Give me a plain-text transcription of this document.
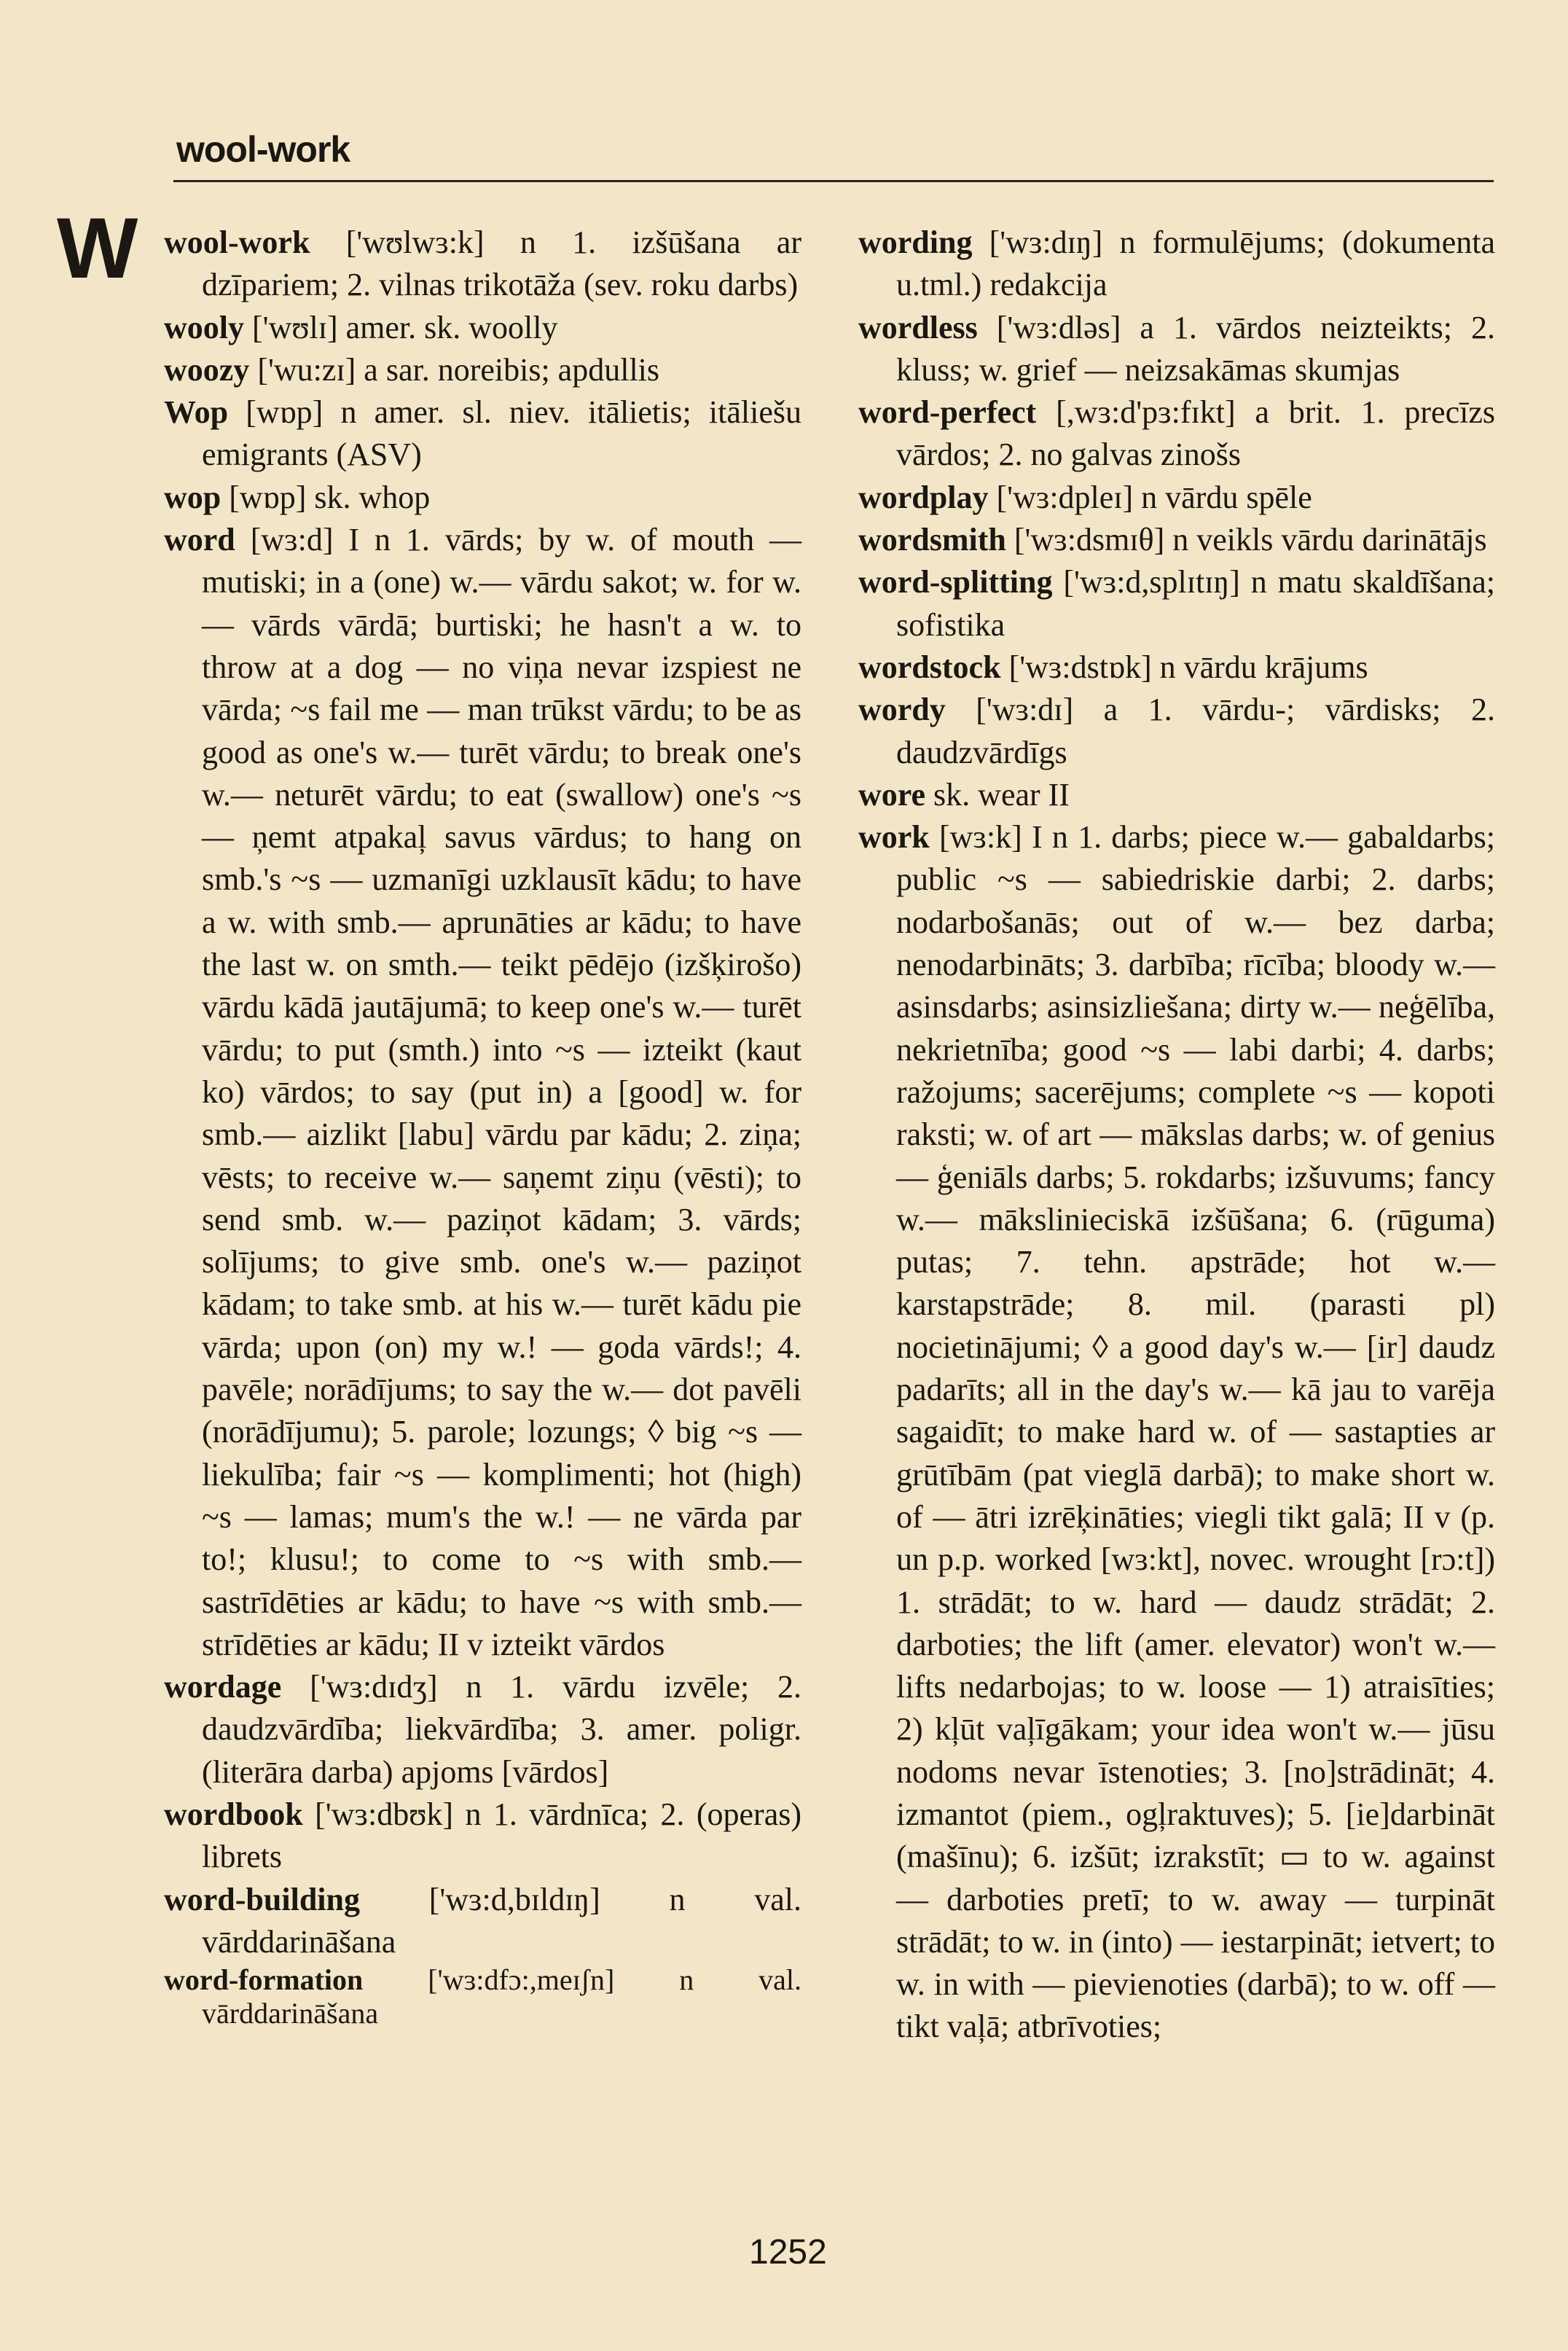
wool-work
W wool-work ['wʊlwɜ:k] n 1. izšūšana ar dzīpariem; 2. vilnas trikotāža (sev. roku darbs)

wooly ['wʊlɪ] amer. sk. woolly

woozy ['wu:zɪ] a sar. noreibis; apdullis

Wop [wɒp] n amer. sl. niev. itālietis; itāliešu emigrants (ASV)

wop [wɒp] sk. whop

word [wɜ:d] I n 1. vārds; by w. of mouth — mutiski; in a (one) w.— vārdu sakot; w. for w.— vārds vārdā; burtiski; he hasn't a w. to throw at a dog — no viņa nevar izspiest ne vārda; ~s fail me — man trūkst vārdu; to be as good as one's w.— turēt vārdu; to break one's w.— neturēt vārdu; to eat (swallow) one's ~s — ņemt atpakaļ savus vārdus; to hang on smb.'s ~s — uzmanīgi uzklausīt kādu; to have a w. with smb.— aprunāties ar kādu; to have the last w. on smth.— teikt pēdējo (izšķirošo) vārdu kādā jautājumā; to keep one's w.— turēt vārdu; to put (smth.) into ~s — izteikt (kaut ko) vārdos; to say (put in) a [good] w. for smb.— aizlikt [labu] vārdu par kādu; 2. ziņa; vēsts; to receive w.— saņemt ziņu (vēsti); to send smb. w.— paziņot kādam; 3. vārds; solījums; to give smb. one's w.— paziņot kādam; to take smb. at his w.— turēt kādu pie vārda; upon (on) my w.! — goda vārds!; 4. pavēle; norādījums; to say the w.— dot pavēli (norādījumu); 5. parole; lozungs; ◊ big ~s — liekulība; fair ~s — komplimenti; hot (high) ~s — lamas; mum's the w.! — ne vārda par to!; klusu!; to come to ~s with smb.— sastrīdēties ar kādu; to have ~s with smb.— strīdēties ar kādu; II v izteikt vārdos

wordage ['wɜ:dɪdʒ] n 1. vārdu izvēle; 2. daudzvārdība; liekvārdība; 3. amer. poligr. (literāra darba) apjoms [vārdos]

wordbook ['wɜ:dbʊk] n 1. vārdnīca; 2. (operas) librets

word-building ['wɜ:d,bɪldɪŋ] n val. vārddarināšana

word-formation ['wɜ:dfɔ:,meɪʃn] n val. vārddarināšana

wording ['wɜ:dɪŋ] n formulējums; (dokumenta u.tml.) redakcija

wordless ['wɜ:dləs] a 1. vārdos neizteikts; 2. kluss; w. grief — neizsakāmas skumjas

word-perfect [,wɜ:d'pɜ:fɪkt] a brit. 1. precīzs vārdos; 2. no galvas zinošs

wordplay ['wɜ:dpleɪ] n vārdu spēle

wordsmith ['wɜ:dsmɪθ] n veikls vārdu darinātājs

word-splitting ['wɜ:d,splɪtɪŋ] n matu skaldīšana; sofistika

wordstock ['wɜ:dstɒk] n vārdu krājums

wordy ['wɜ:dɪ] a 1. vārdu-; vārdisks; 2. daudzvārdīgs

wore sk. wear II

work [wɜ:k] I n 1. darbs; piece w.— gabaldarbs; public ~s — sabiedriskie darbi; 2. darbs; nodarbošanās; out of w.— bez darba; nenodarbināts; 3. darbība; rīcība; bloody w.— asinsdarbs; asinsizliešana; dirty w.— neģēlība, nekrietnība; good ~s — labi darbi; 4. darbs; ražojums; sacerējums; complete ~s — kopoti raksti; w. of art — mākslas darbs; w. of genius — ģeniāls darbs; 5. rokdarbs; izšuvums; fancy w.— mākslinieciskā izšūšana; 6. (rūguma) putas; 7. tehn. apstrāde; hot w.— karstapstrāde; 8. mil. (parasti pl) nocietinājumi; ◊ a good day's w.— [ir] daudz padarīts; all in the day's w.— kā jau to varēja sagaidīt; to make hard w. of — sastapties ar grūtībām (pat vieglā darbā); to make short w. of — ātri izrēķināties; viegli tikt galā; II v (p. un p.p. worked [wɜ:kt], novec. wrought [rɔ:t]) 1. strādāt; to w. hard — daudz strādāt; 2. darboties; the lift (amer. elevator) won't w.— lifts nedarbojas; to w. loose — 1) atraisīties; 2) kļūt vaļīgākam; your idea won't w.— jūsu nodoms nevar īstenoties; 3. [no]strādināt; 4. izmantot (piem., ogļraktuves); 5. [ie]darbināt (mašīnu); 6. izšūt; izrakstīt; ▭ to w. against — darboties pretī; to w. away — turpināt strādāt; to w. in (into) — iestarpināt; ietvert; to w. in with — pievienoties (darbā); to w. off — tikt vaļā; atbrīvoties;

1252
